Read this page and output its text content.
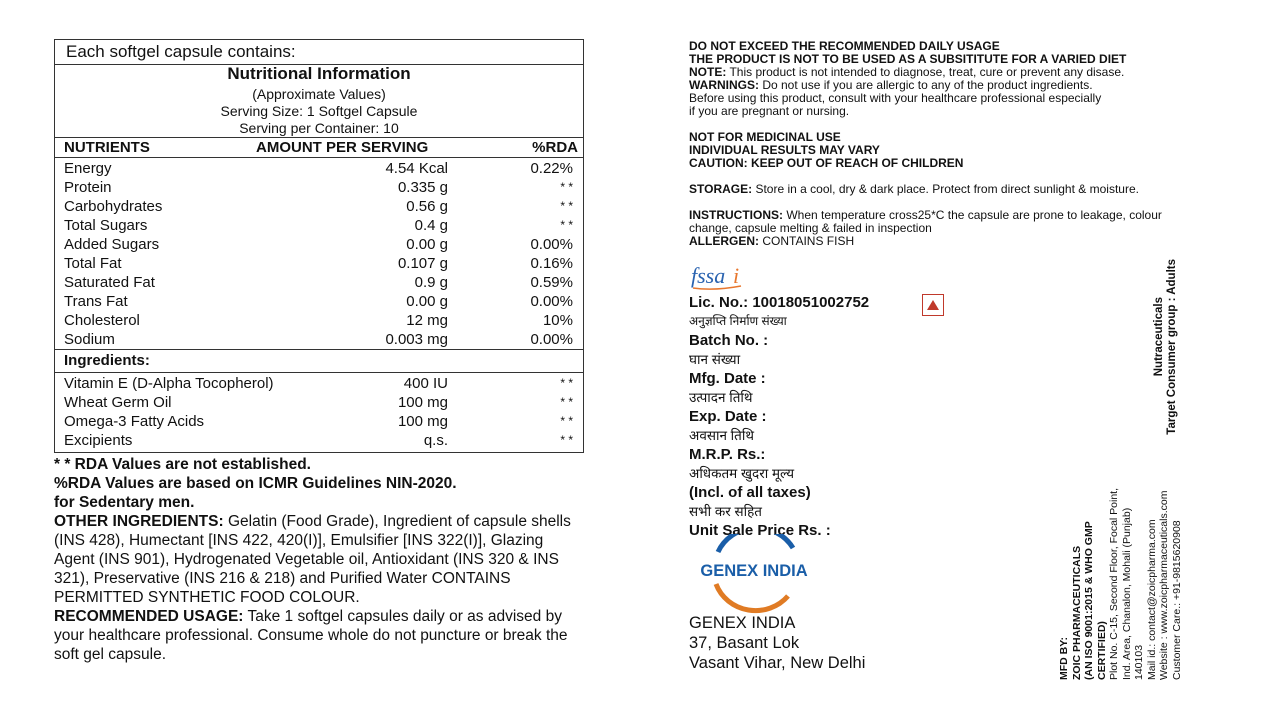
Each softgel capsule contains:
Nutritional Information
(Approximate Values)
Serving Size: 1 Softgel Capsule
Serving per Container: 10
NUTRIENTS	AMOUNT PER SERVING	%RDA
Energy	4.54 Kcal	0.22%
Protein	0.335 g	* *
Carbohydrates	0.56 g	* *
Total Sugars	0.4 g	* *
Added Sugars	0.00 g	0.00%
Total Fat	0.107 g	0.16%
Saturated Fat	0.9 g	0.59%
Trans Fat	0.00 g	0.00%
Cholesterol	12 mg	10%
Sodium	0.003 mg	0.00%
Ingredients:
Vitamin E (D-Alpha Tocopherol)	400 IU	* *
Wheat Germ Oil	100 mg	* *
Omega-3 Fatty Acids	100 mg	* *
Excipients	q.s.	* *

* * RDA Values are not established.

%RDA Values are based on ICMR Guidelines NIN-2020.

for Sedentary men.

OTHER INGREDIENTS: Gelatin (Food Grade), Ingredient of capsule shells (INS 428), Humectant [INS 422, 420(I)], Emulsifier [INS 322(I)], Glazing Agent (INS 901), Hydrogenated Vegetable oil, Antioxidant (INS 320 & INS 321), Preservative (INS 216 & 218) and Purified Water CONTAINS PERMITTED SYNTHETIC FOOD COLOUR.

RECOMMENDED USAGE: Take 1 softgel capsules daily or as advised by your healthcare professional. Consume whole do not puncture or break the soft gel capsule.

DO NOT EXCEED THE RECOMMENDED DAILY USAGE
THE PRODUCT IS NOT TO BE USED AS A SUBSITITUTE FOR A VARIED DIET
NOTE: This product is not intended to diagnose, treat, cure or prevent any disase.
WARNINGS: Do not use if you are allergic to any of the product ingredients.
Before using this product, consult with your healthcare professional especially
if you are pregnant or nursing.
NOT FOR MEDICINAL USE
INDIVIDUAL RESULTS MAY VARY
CAUTION: KEEP OUT OF REACH OF CHILDREN
STORAGE: Store in a cool, dry & dark place. Protect from direct sunlight & moisture.
INSTRUCTIONS: When temperature cross25*C the capsule are prone to leakage, colour change, capsule melting & failed in inspection
ALLERGEN: CONTAINS FISH
fssa i
Lic. No.: 10018051002752
अनुज्ञप्ति निर्माण संख्या
Batch No. :
घान संख्या
Mfg. Date :
उत्पादन तिथि
Exp. Date :
अवसान तिथि
M.R.P. Rs.:
अधिकतम खुदरा मूल्य
(Incl. of all taxes)
सभी कर सहित
Unit Sale Price Rs. :
GENEX INDIA
GENEX INDIA
37, Basant Lok
Vasant Vihar, New Delhi	MFD BY: ZOIC PHARMACEUTICALS (AN ISO 9001:2015 & WHO GMP CERTIFIED) Plot No. C-15, Second Floor, Focal Point, Ind. Area, Chanalon, Mohali (Punjab) 140103 Mail id.: contact@zoicpharma.com Website : www.zoicpharmaceuticals.com Customer Care.: +91-9815620908
Nutraceuticals Target Consumer group : Adults
